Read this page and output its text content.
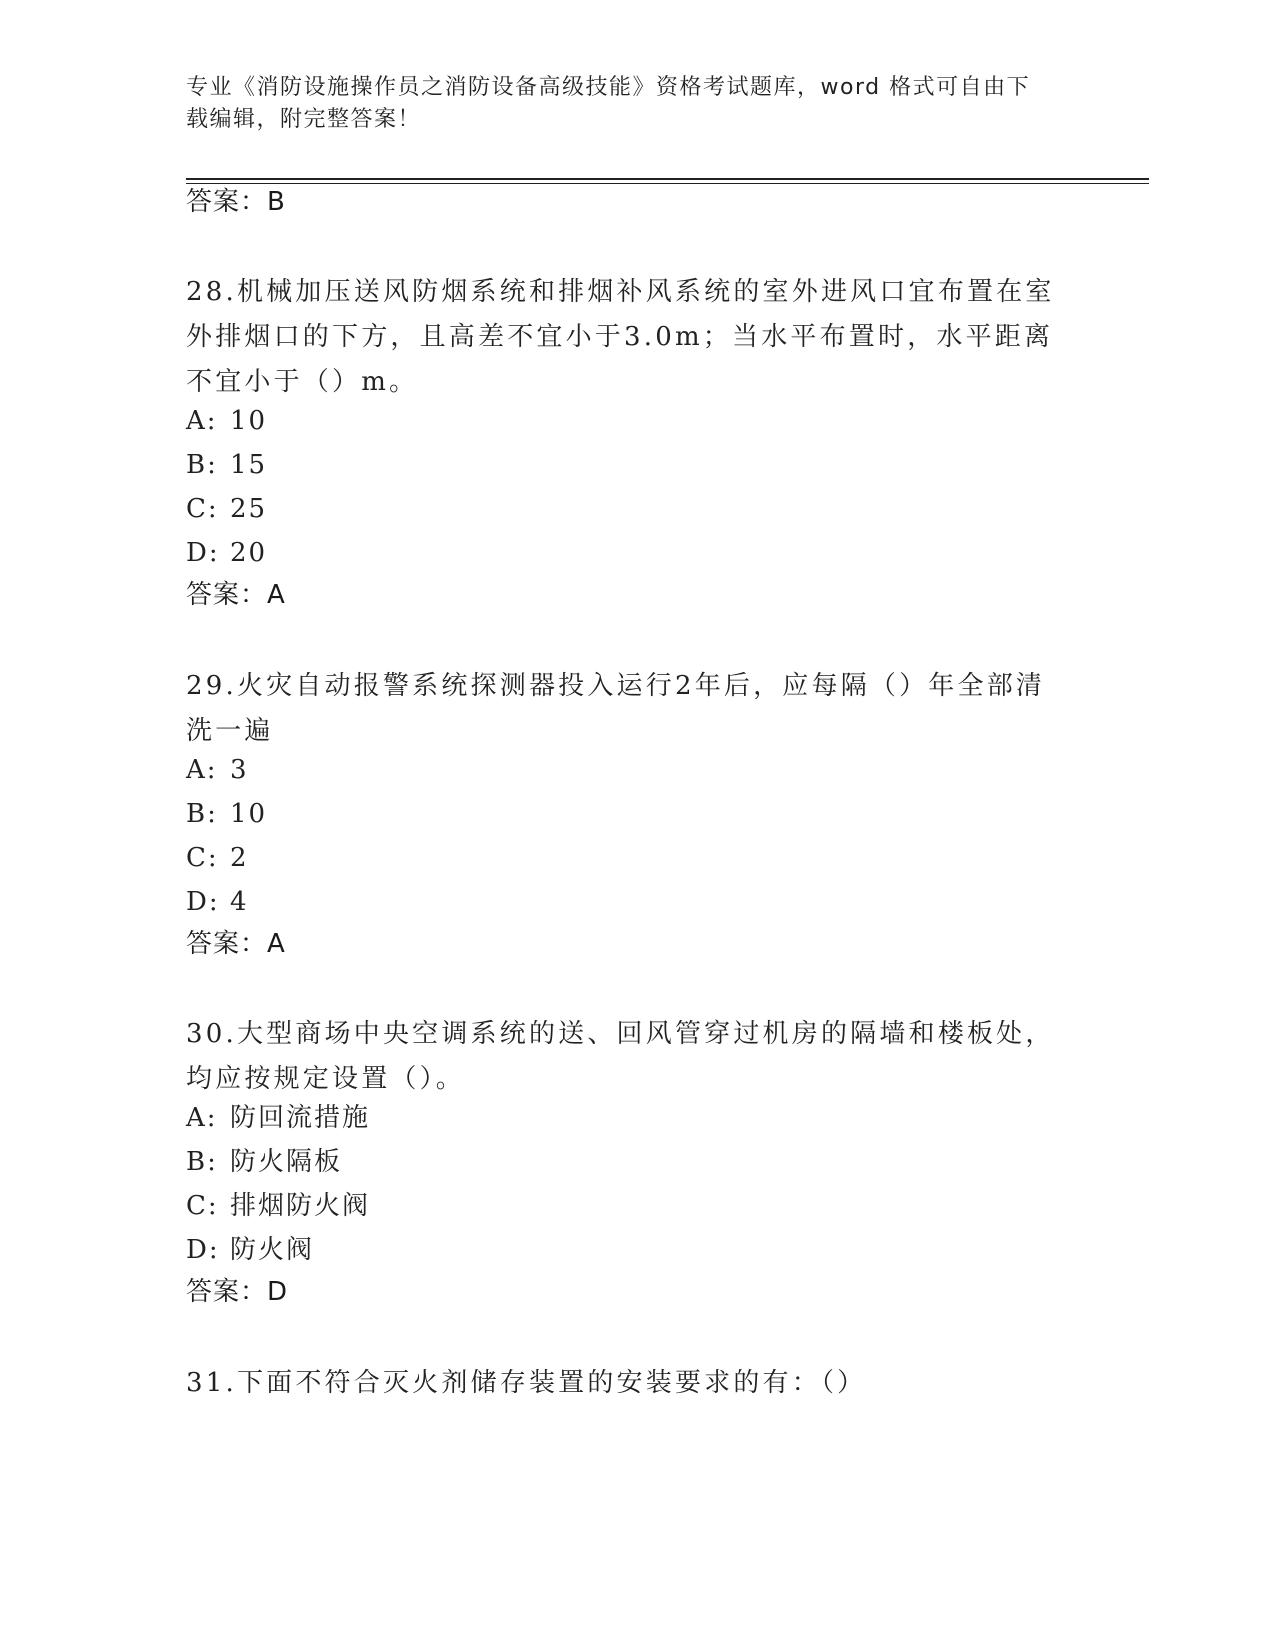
专业《消防设施操作员之消防设备高级技能》资格考试题库，word 格式可自由下
载编辑，附完整答案！
答案：B
28.机械加压送风防烟系统和排烟补风系统的室外进风口宜布置在室外排烟口的下方，且高差不宜小于3.0m；当水平布置时，水平距离不宜小于（）m。
A: 10
B: 15
C: 25
D: 20
答案：A
29.火灾自动报警系统探测器投入运行2年后，应每隔（）年全部清洗一遍
A: 3
B: 10
C: 2
D: 4
答案：A
30.大型商场中央空调系统的送、回风管穿过机房的隔墙和楼板处，均应按规定设置（）。
A: 防回流措施
B: 防火隔板
C: 排烟防火阀
D: 防火阀
答案：D
31.下面不符合灭火剂储存装置的安装要求的有：（）
